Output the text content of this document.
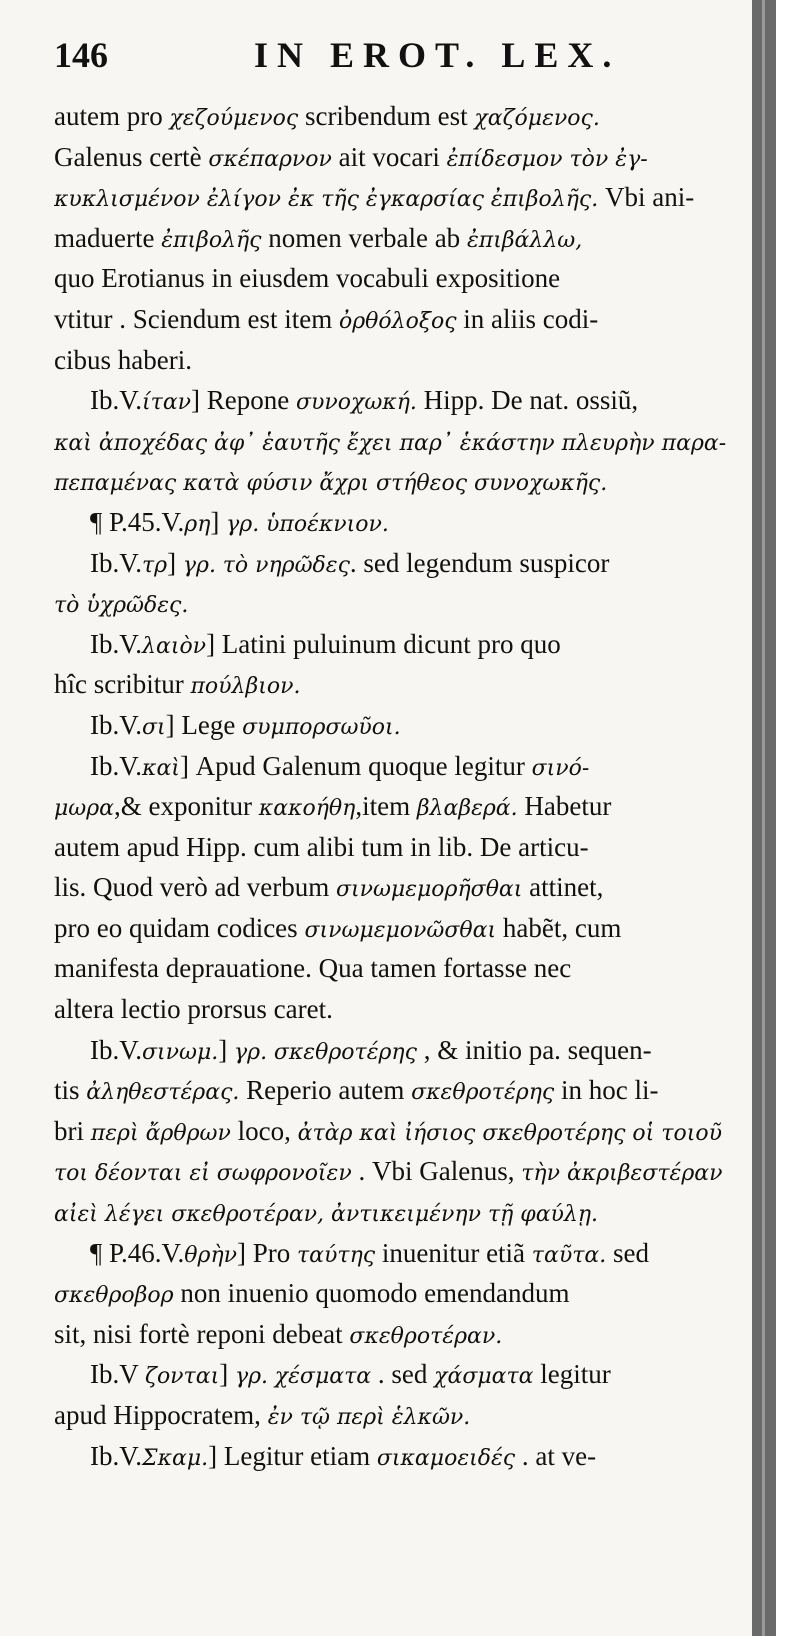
146	IN EROT. LEX.

autem pro χεζούμενος scribendum est χαζόμενος.

Galenus certè σκέπαρνον ait vocari ἐπίδεσμον τὸν ἐγ-

κυκλισμένον ἐλίγον ἐκ τῆς ἐγκαρσίας ἐπιβολῆς. Vbi ani-

maduerte ἐπιβολῆς nomen verbale ab ἐπιβάλλω,

quo Erotianus in eiusdem vocabuli expositione

vtitur . Sciendum est item ὀρθόλοξος in aliis codi-

cibus haberi.

Ib.V.ίταν] Repone συνοχωκή. Hipp. De nat. ossiũ,

καὶ ἀποχέδας ἀφ᾽ ἑαυτῆς ἔχει παρ᾽ ἑκάστην πλευρὴν παρα-

πεπαμένας κατὰ φύσιν ἄχρι στήθεος συνοχωκῆς.

¶ P.45.V.ρη] γρ. ὑποέκνιον.

Ib.V.τρ] γρ. τὸ νηρῶδες. sed legendum suspicor

τὸ ὑχρῶδες.

Ib.V.λαιὸν] Latini puluinum dicunt pro quo

hîc scribitur πούλβιον.

Ib.V.σι] Lege συμπορσωῦοι.

Ib.V.καὶ] Apud Galenum quoque legitur σινό-

μωρα,& exponitur κακοήθη,item βλαβερά. Habetur

autem apud Hipp. cum alibi tum in lib. De articu-

lis. Quod verò ad verbum σινωμεμορῆσθαι attinet,

pro eo quidam codices σινωμεμονῶσθαι habẽt, cum

manifesta deprauatione. Qua tamen fortasse nec

altera lectio prorsus caret.

Ib.V.σινωμ.] γρ. σκεθροτέρης , & initio pa. sequen-

tis ἀληθεστέρας. Reperio autem σκεθροτέρης in hoc li-

bri περὶ ἄρθρων loco, ἀτὰρ καὶ ἰήσιος σκεθροτέρης οἱ τοιοῦ

τοι δέονται εἰ σωφρονοῖεν . Vbi Galenus, τὴν ἀκριβεστέραν

αἰεὶ λέγει σκεθροτέραν, ἀντικειμένην τῇ φαύλῃ.

¶ P.46.V.θρὴν] Pro ταύτης inuenitur etiã ταῦτα. sed

σκεθροβορ non inuenio quomodo emendandum

sit, nisi fortè reponi debeat σκεθροτέραν.

Ib.V ζονται] γρ. χέσματα . sed χάσματα legitur

apud Hippocratem, ἐν τῷ περὶ ἑλκῶν.

Ib.V.Σκαμ.] Legitur etiam σικαμοειδές . at ve-
